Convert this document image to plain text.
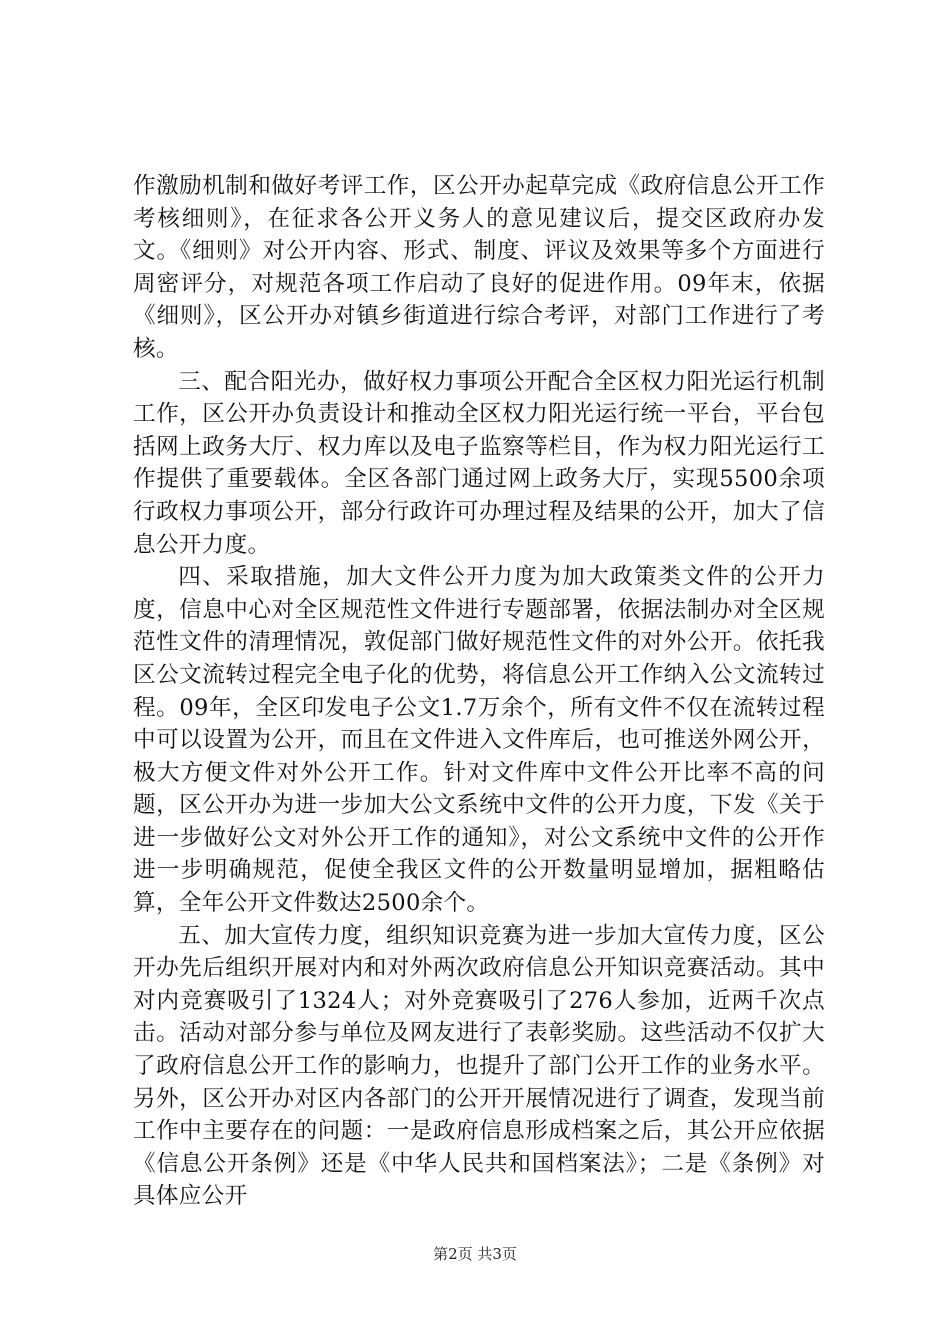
作激励机制和做好考评工作，区公开办起草完成《政府信息公开工作考核细则》，在征求各公开义务人的意见建议后，提交区政府办发文。《细则》对公开内容、形式、制度、评议及效果等多个方面进行周密评分，对规范各项工作启动了良好的促进作用。09年末，依据《细则》，区公开办对镇乡街道进行综合考评，对部门工作进行了考核。

三、配合阳光办，做好权力事项公开配合全区权力阳光运行机制工作，区公开办负责设计和推动全区权力阳光运行统一平台，平台包括网上政务大厅、权力库以及电子监察等栏目，作为权力阳光运行工作提供了重要载体。全区各部门通过网上政务大厅，实现5500余项行政权力事项公开，部分行政许可办理过程及结果的公开，加大了信息公开力度。

四、采取措施，加大文件公开力度为加大政策类文件的公开力度，信息中心对全区规范性文件进行专题部署，依据法制办对全区规范性文件的清理情况，敦促部门做好规范性文件的对外公开。依托我区公文流转过程完全电子化的优势，将信息公开工作纳入公文流转过程。09年，全区印发电子公文1.7万余个，所有文件不仅在流转过程中可以设置为公开，而且在文件进入文件库后，也可推送外网公开，极大方便文件对外公开工作。针对文件库中文件公开比率不高的问题，区公开办为进一步加大公文系统中文件的公开力度，下发《关于进一步做好公文对外公开工作的通知》，对公文系统中文件的公开作进一步明确规范，促使全我区文件的公开数量明显增加，据粗略估算，全年公开文件数达2500余个。

五、加大宣传力度，组织知识竞赛为进一步加大宣传力度，区公开办先后组织开展对内和对外两次政府信息公开知识竞赛活动。其中对内竞赛吸引了1324人；对外竞赛吸引了276人参加，近两千次点击。活动对部分参与单位及网友进行了表彰奖励。这些活动不仅扩大了政府信息公开工作的影响力，也提升了部门公开工作的业务水平。另外，区公开办对区内各部门的公开开展情况进行了调查，发现当前工作中主要存在的问题：一是政府信息形成档案之后，其公开应依据《信息公开条例》还是《中华人民共和国档案法》；二是《条例》对具体应公开

第2页 共3页
